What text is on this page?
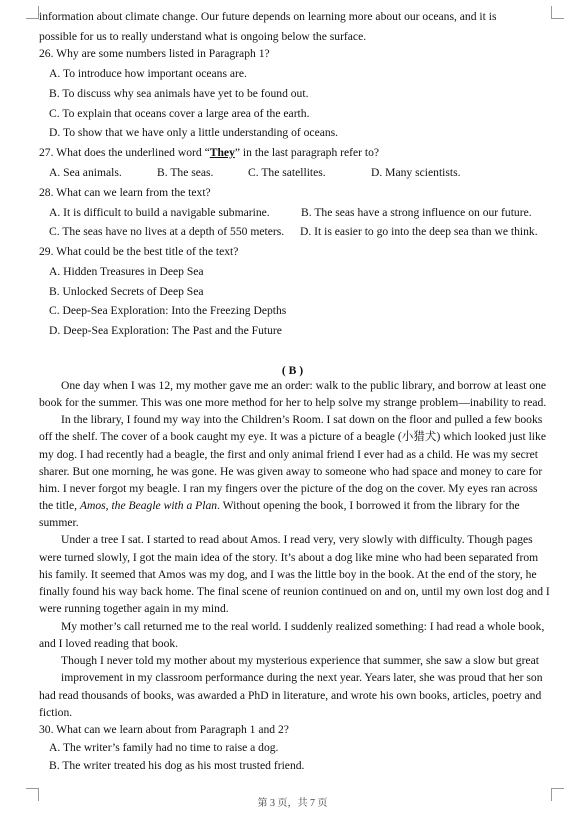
information about climate change. Our future depends on learning more about our oceans, and it is
possible for us to really understand what is ongoing below the surface.
26. Why are some numbers listed in Paragraph 1?
A. To introduce how important oceans are.
B. To discuss why sea animals have yet to be found out.
C. To explain that oceans cover a large area of the earth.
D. To show that we have only a little understanding of oceans.
27. What does the underlined word “They” in the last paragraph refer to?
A. Sea animals.	B. The seas.	C. The satellites.	D. Many scientists.
28. What can we learn from the text?
A. It is difficult to build a navigable submarine.	B. The seas have a strong influence on our future.
C. The seas have no lives at a depth of 550 meters. D. It is easier to go into the deep sea than we think.
29. What could be the best title of the text?
A. Hidden Treasures in Deep Sea
B. Unlocked Secrets of Deep Sea
C. Deep-Sea Exploration: Into the Freezing Depths
D. Deep-Sea Exploration: The Past and the Future
( B )
One day when I was 12, my mother gave me an order: walk to the public library, and borrow at least one
book for the summer. This was one more method for her to help solve my strange problem—inability to read.
In the library, I found my way into the Children’s Room. I sat down on the floor and pulled a few books
off the shelf. The cover of a book caught my eye. It was a picture of a beagle (小猎犬) which looked just like
my dog. I had recently had a beagle, the first and only animal friend I ever had as a child. He was my secret
sharer. But one morning, he was gone. He was given away to someone who had space and money to care for
him. I never forgot my beagle. I ran my fingers over the picture of the dog on the cover. My eyes ran across
the title, Amos, the Beagle with a Plan. Without opening the book, I borrowed it from the library for the
summer.
Under a tree I sat. I started to read about Amos. I read very, very slowly with difficulty. Though pages
were turned slowly, I got the main idea of the story. It’s about a dog like mine who had been separated from
his family. It seemed that Amos was my dog, and I was the little boy in the book. At the end of the story, he
finally found his way back home. The final scene of reunion continued on and on, until my own lost dog and I
were running together again in my mind.
My mother’s call returned me to the real world. I suddenly realized something: I had read a whole book,
and I loved reading that book.
Though I never told my mother about my mysterious experience that summer, she saw a slow but great
improvement in my classroom performance during the next year. Years later, she was proud that her son
had read thousands of books, was awarded a PhD in literature, and wrote his own books, articles, poetry and
fiction.
30. What can we learn about from Paragraph 1 and 2?
A. The writer’s family had no time to raise a dog.
B. The writer treated his dog as his most trusted friend.
第 3 页，共 7 页
